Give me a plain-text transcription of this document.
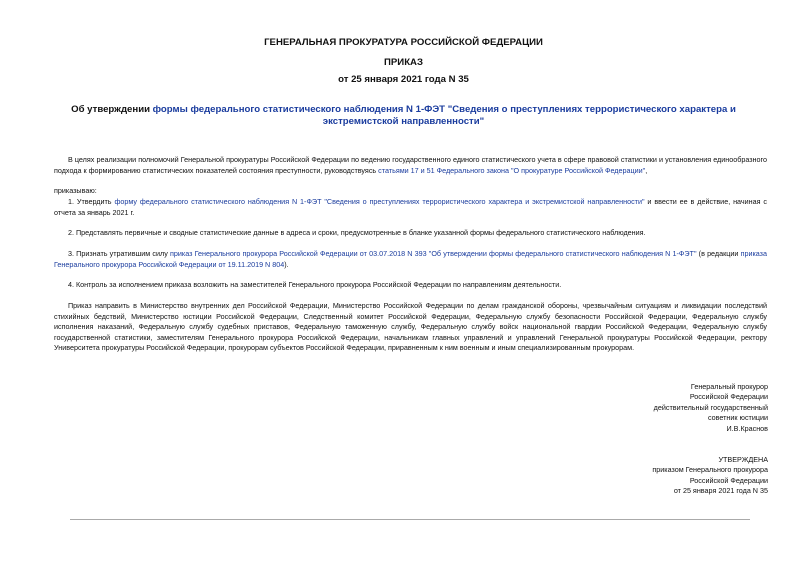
ГЕНЕРАЛЬНАЯ ПРОКУРАТУРА РОССИЙСКОЙ ФЕДЕРАЦИИ
ПРИКАЗ
от 25 января 2021 года N 35
Об утверждении формы федерального статистического наблюдения N 1-ФЭТ "Сведения о преступлениях террористического характера и экстремистской направленности"
В целях реализации полномочий Генеральной прокуратуры Российской Федерации по ведению государственного единого статистического учета в сфере правовой статистики и установления единообразного подхода к формированию статистических показателей состояния преступности, руководствуясь статьями 17 и 51 Федерального закона "О прокуратуре Российской Федерации",
приказываю:
1. Утвердить форму федерального статистического наблюдения N 1-ФЭТ "Сведения о преступлениях террористического характера и экстремистской направленности" и ввести ее в действие, начиная с отчета за январь 2021 г.
2. Представлять первичные и сводные статистические данные в адреса и сроки, предусмотренные в бланке указанной формы федерального статистического наблюдения.
3. Признать утратившим силу приказ Генерального прокурора Российской Федерации от 03.07.2018 N 393 "Об утверждении формы федерального статистического наблюдения N 1-ФЭТ" (в редакции приказа Генерального прокурора Российской Федерации от 19.11.2019 N 804).
4. Контроль за исполнением приказа возложить на заместителей Генерального прокурора Российской Федерации по направлениям деятельности.
Приказ направить в Министерство внутренних дел Российской Федерации, Министерство Российской Федерации по делам гражданской обороны, чрезвычайным ситуациям и ликвидации последствий стихийных бедствий, Министерство юстиции Российской Федерации, Следственный комитет Российской Федерации, Федеральную службу безопасности Российской Федерации, Федеральную службу исполнения наказаний, Федеральную службу судебных приставов, Федеральную таможенную службу, Федеральную службу войск национальной гвардии Российской Федерации, Федеральную службу государственной статистики, заместителям Генерального прокурора Российской Федерации, начальникам главных управлений и управлений Генеральной прокуратуры Российской Федерации, ректору Университета прокуратуры Российской Федерации, прокурорам субъектов Российской Федерации, приравненным к ним военным и иным специализированным прокурорам.
Генеральный прокурор
Российской Федерации
действительный государственный
советник юстиции
И.В.Краснов
УТВЕРЖДЕНА
приказом Генерального прокурора
Российской Федерации
от 25 января 2021 года N 35
